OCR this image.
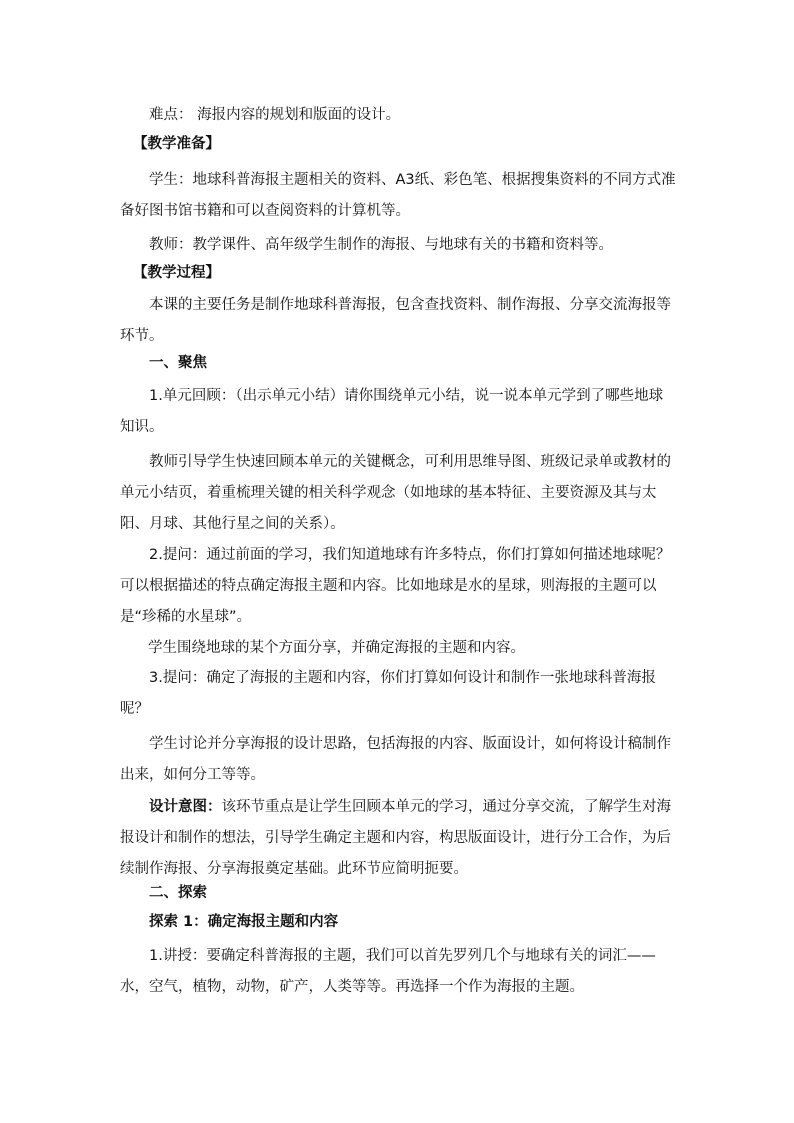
难点： 海报内容的规划和版面的设计。

【教学准备】

学生：地球科普海报主题相关的资料、A3纸、彩色笔、根据搜集资料的不同方式准备好图书馆书籍和可以查阅资料的计算机等。

教师：教学课件、高年级学生制作的海报、与地球有关的书籍和资料等。

【教学过程】

本课的主要任务是制作地球科普海报，包含查找资料、制作海报、分享交流海报等环节。

一、聚焦

1.单元回顾：（出示单元小结）请你围绕单元小结，说一说本单元学到了哪些地球知识。

教师引导学生快速回顾本单元的关键概念，可利用思维导图、班级记录单或教材的单元小结页，着重梳理关键的相关科学观念（如地球的基本特征、主要资源及其与太阳、月球、其他行星之间的关系）。

2.提问：通过前面的学习，我们知道地球有许多特点，你们打算如何描述地球呢？可以根据描述的特点确定海报主题和内容。比如地球是水的星球，则海报的主题可以是“珍稀的水星球”。

学生围绕地球的某个方面分享，并确定海报的主题和内容。

3.提问：确定了海报的主题和内容，你们打算如何设计和制作一张地球科普海报呢？

学生讨论并分享海报的设计思路，包括海报的内容、版面设计，如何将设计稿制作出来，如何分工等等。

设计意图：该环节重点是让学生回顾本单元的学习，通过分享交流，了解学生对海报设计和制作的想法，引导学生确定主题和内容，构思版面设计，进行分工合作，为后续制作海报、分享海报奠定基础。此环节应简明扼要。

二、探索

探索 1：确定海报主题和内容

1.讲授：要确定科普海报的主题，我们可以首先罗列几个与地球有关的词汇——水，空气，植物，动物，矿产，人类等等。再选择一个作为海报的主题。
